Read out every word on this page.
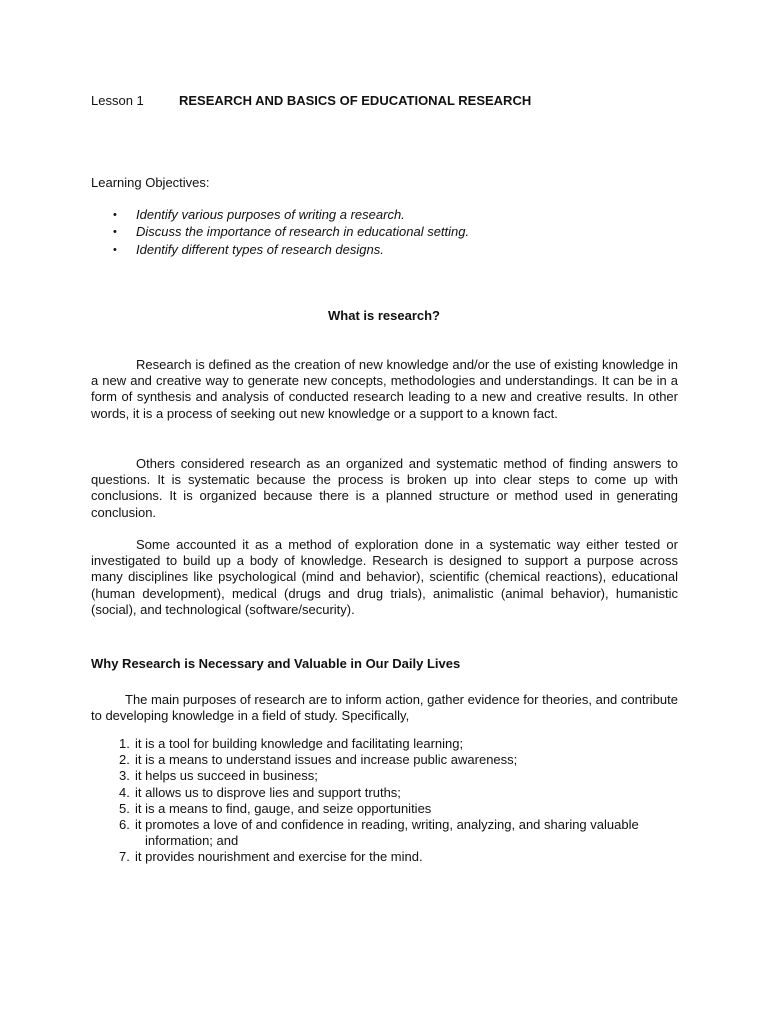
Lesson 1	RESEARCH AND BASICS OF EDUCATIONAL RESEARCH
Learning Objectives:
• Identify various purposes of writing a research.
• Discuss the importance of research in educational setting.
• Identify different types of research designs.
What is research?
Research is defined as the creation of new knowledge and/or the use of existing knowledge in a new and creative way to generate new concepts, methodologies and understandings. It can be in a form of synthesis and analysis of conducted research leading to a new and creative results. In other words, it is a process of seeking out new knowledge or a support to a known fact.
Others considered research as an organized and systematic method of finding answers to questions. It is systematic because the process is broken up into clear steps to come up with conclusions. It is organized because there is a planned structure or method used in generating conclusion.
Some accounted it as a method of exploration done in a systematic way either tested or investigated to build up a body of knowledge. Research is designed to support a purpose across many disciplines like psychological (mind and behavior), scientific (chemical reactions), educational (human development), medical (drugs and drug trials), animalistic (animal behavior), humanistic (social), and technological (software/security).
Why Research is Necessary and Valuable in Our Daily Lives
The main purposes of research are to inform action, gather evidence for theories, and contribute to developing knowledge in a field of study. Specifically,
1. it is a tool for building knowledge and facilitating learning;
2. it is a means to understand issues and increase public awareness;
3. it helps us succeed in business;
4. it allows us to disprove lies and support truths;
5. it is a means to find, gauge, and seize opportunities
6. it promotes a love of and confidence in reading, writing, analyzing, and sharing valuable
information; and
7. it provides nourishment and exercise for the mind.
